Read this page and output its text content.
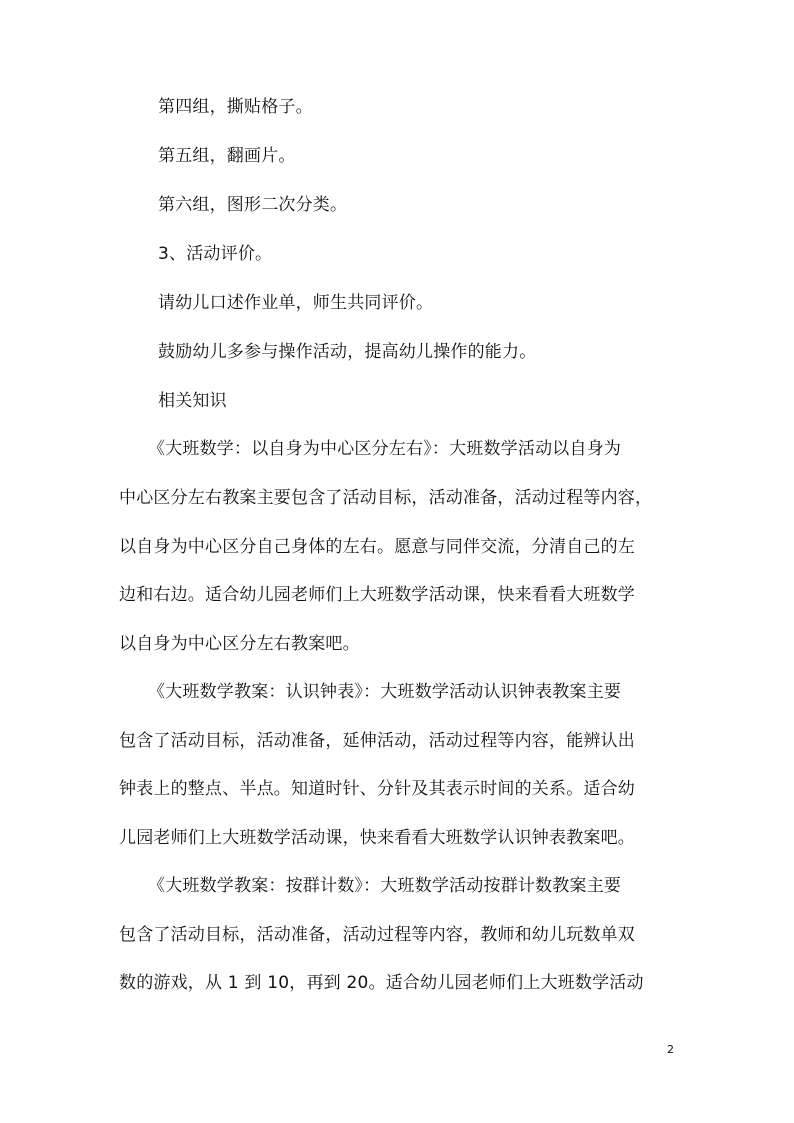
第四组，撕贴格子。
第五组，翻画片。
第六组，图形二次分类。
3、活动评价。
请幼儿口述作业单，师生共同评价。
鼓励幼儿多参与操作活动，提高幼儿操作的能力。
相关知识
《大班数学：以自身为中心区分左右》：大班数学活动以自身为
中心区分左右教案主要包含了活动目标，活动准备，活动过程等内容，
以自身为中心区分自己身体的左右。愿意与同伴交流，分清自己的左
边和右边。适合幼儿园老师们上大班数学活动课，快来看看大班数学
以自身为中心区分左右教案吧。
《大班数学教案：认识钟表》：大班数学活动认识钟表教案主要
包含了活动目标，活动准备，延伸活动，活动过程等内容，能辨认出
钟表上的整点、半点。知道时针、分针及其表示时间的关系。适合幼
儿园老师们上大班数学活动课，快来看看大班数学认识钟表教案吧。
《大班数学教案：按群计数》：大班数学活动按群计数教案主要
包含了活动目标，活动准备，活动过程等内容，教师和幼儿玩数单双
数的游戏，从 1 到 10，再到 20。适合幼儿园老师们上大班数学活动
2
